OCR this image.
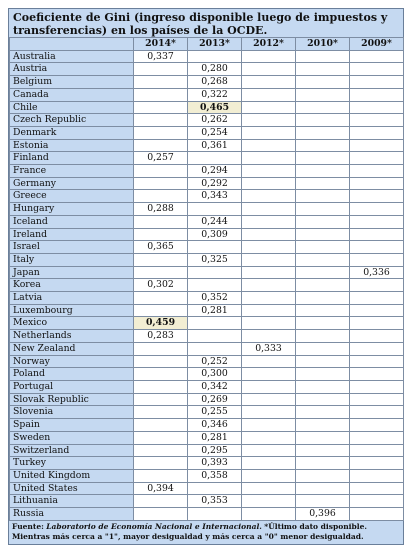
Coeficiente de Gini (ingreso disponible luego de impuestos y transferencias) en los países de la OCDE.
	2014*	2013*	2012*	2010*	2009*
Australia	0,337				
Austria		0,280			
Belgium		0,268			
Canada		0,322			
Chile		0,465			
Czech Republic		0,262			
Denmark		0,254			
Estonia		0,361			
Finland	0,257				
France		0,294			
Germany		0,292			
Greece		0,343			
Hungary	0,288				
Iceland		0,244			
Ireland		0,309			
Israel	0,365				
Italy		0,325			
Japan					0,336
Korea	0,302				
Latvia		0,352			
Luxembourg		0,281			
Mexico	0,459				
Netherlands	0,283				
New Zealand			0,333		
Norway		0,252			
Poland		0,300			
Portugal		0,342			
Slovak Republic		0,269			
Slovenia		0,255			
Spain		0,346			
Sweden		0,281			
Switzerland		0,295			
Turkey		0,393			
United Kingdom		0,358			
United States	0,394				
Lithuania		0,353			
Russia				0,396	
Fuente: Laboratorio de Economía Nacional e Internacional. *Último dato disponible. Mientras más cerca a "1", mayor desigualdad y más cerca a "0" menor desigualdad.
